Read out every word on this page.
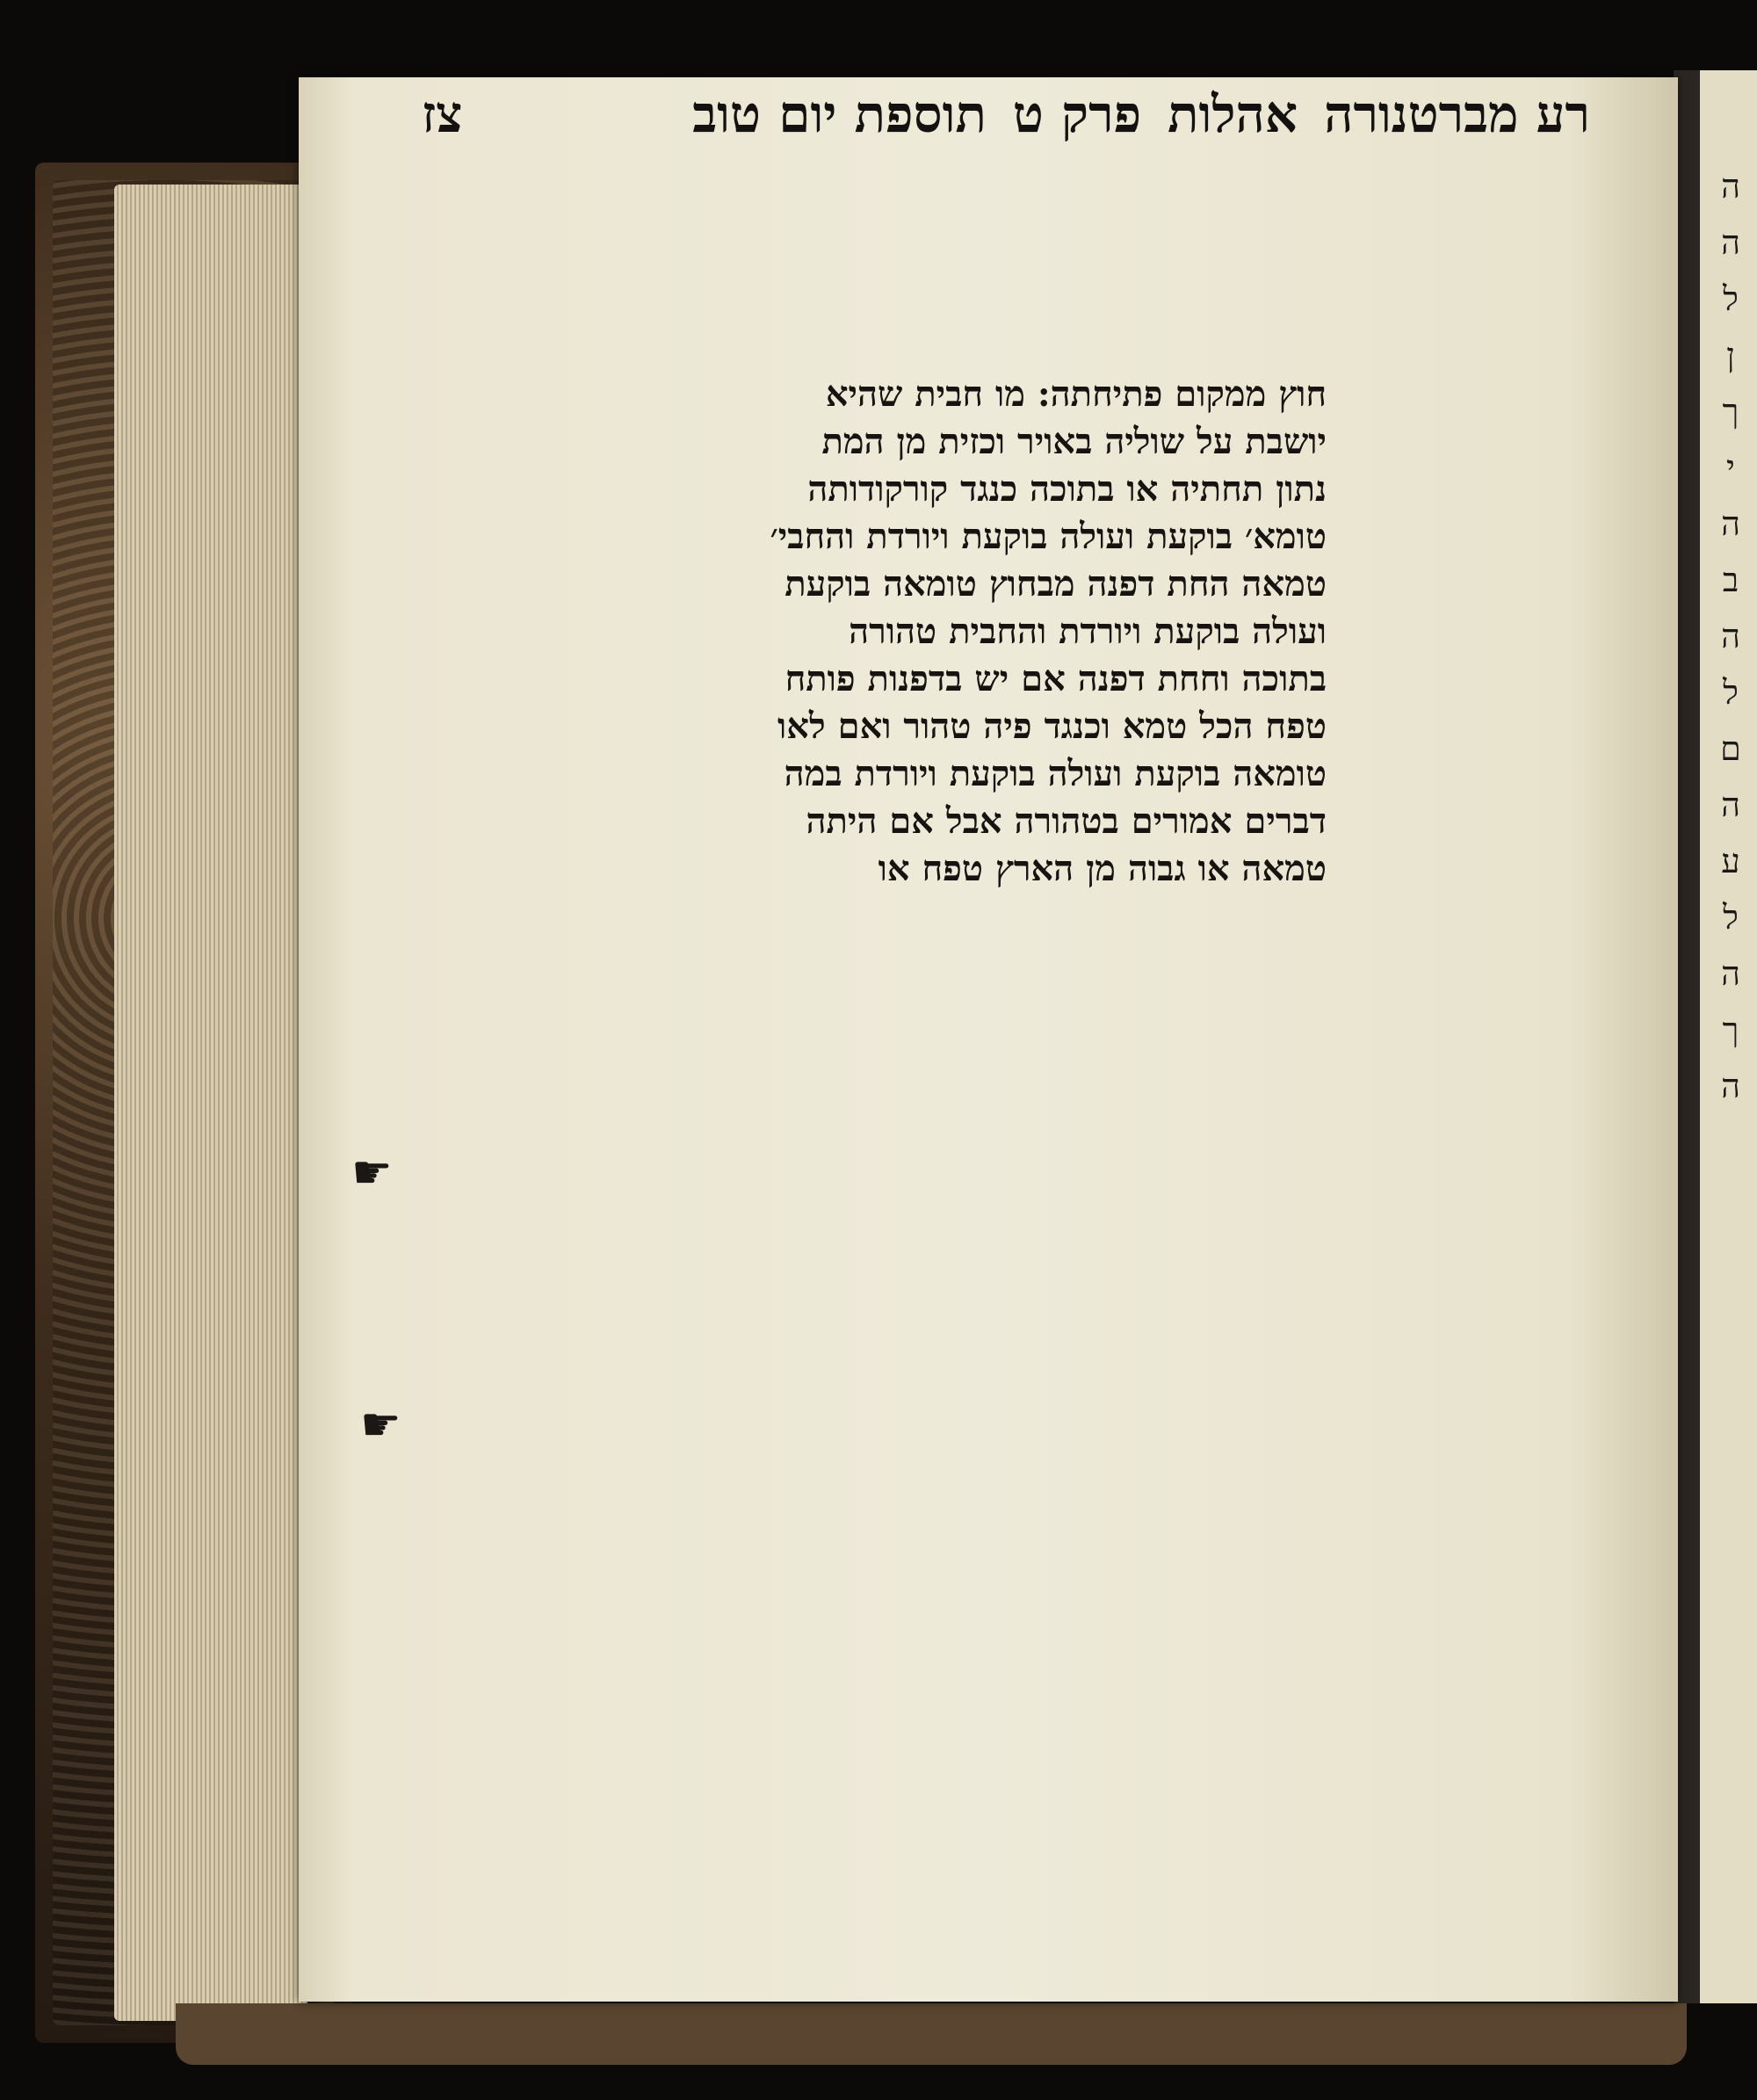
ה
ה
ל
ן
ך
י
ה
ב
ה
ל
ם
ה
ע
ל
ה
ך
ה
רע מברטנורה
אהלות
פרק ט
תוספת יום טוב
צז
חוץ ממקום פתיחתה: מו חבית שהיא
יושבת על שוליה באויר וכזית מן המת
נתון תחתיה או בתוכה כנגד קורקודותה
טומא׳ בוקעת ועולה בוקעת ויורדת והחבי׳
טמאה החת דפנה מבחוץ טומאה בוקעת
ועולה בוקעת ויורדת והחבית טהורה
בתוכה וחחת דפנה אם יש בדפנות פותח
טפח הכל טמא וכנגד פיה טהור ואם לאו
טומאה בוקעת ועולה בוקעת ויורדת במה
דברים אמורים בטהורה אבל אם היתה
טמאה או גבוה מן הארץ טפח או
☛
☛
